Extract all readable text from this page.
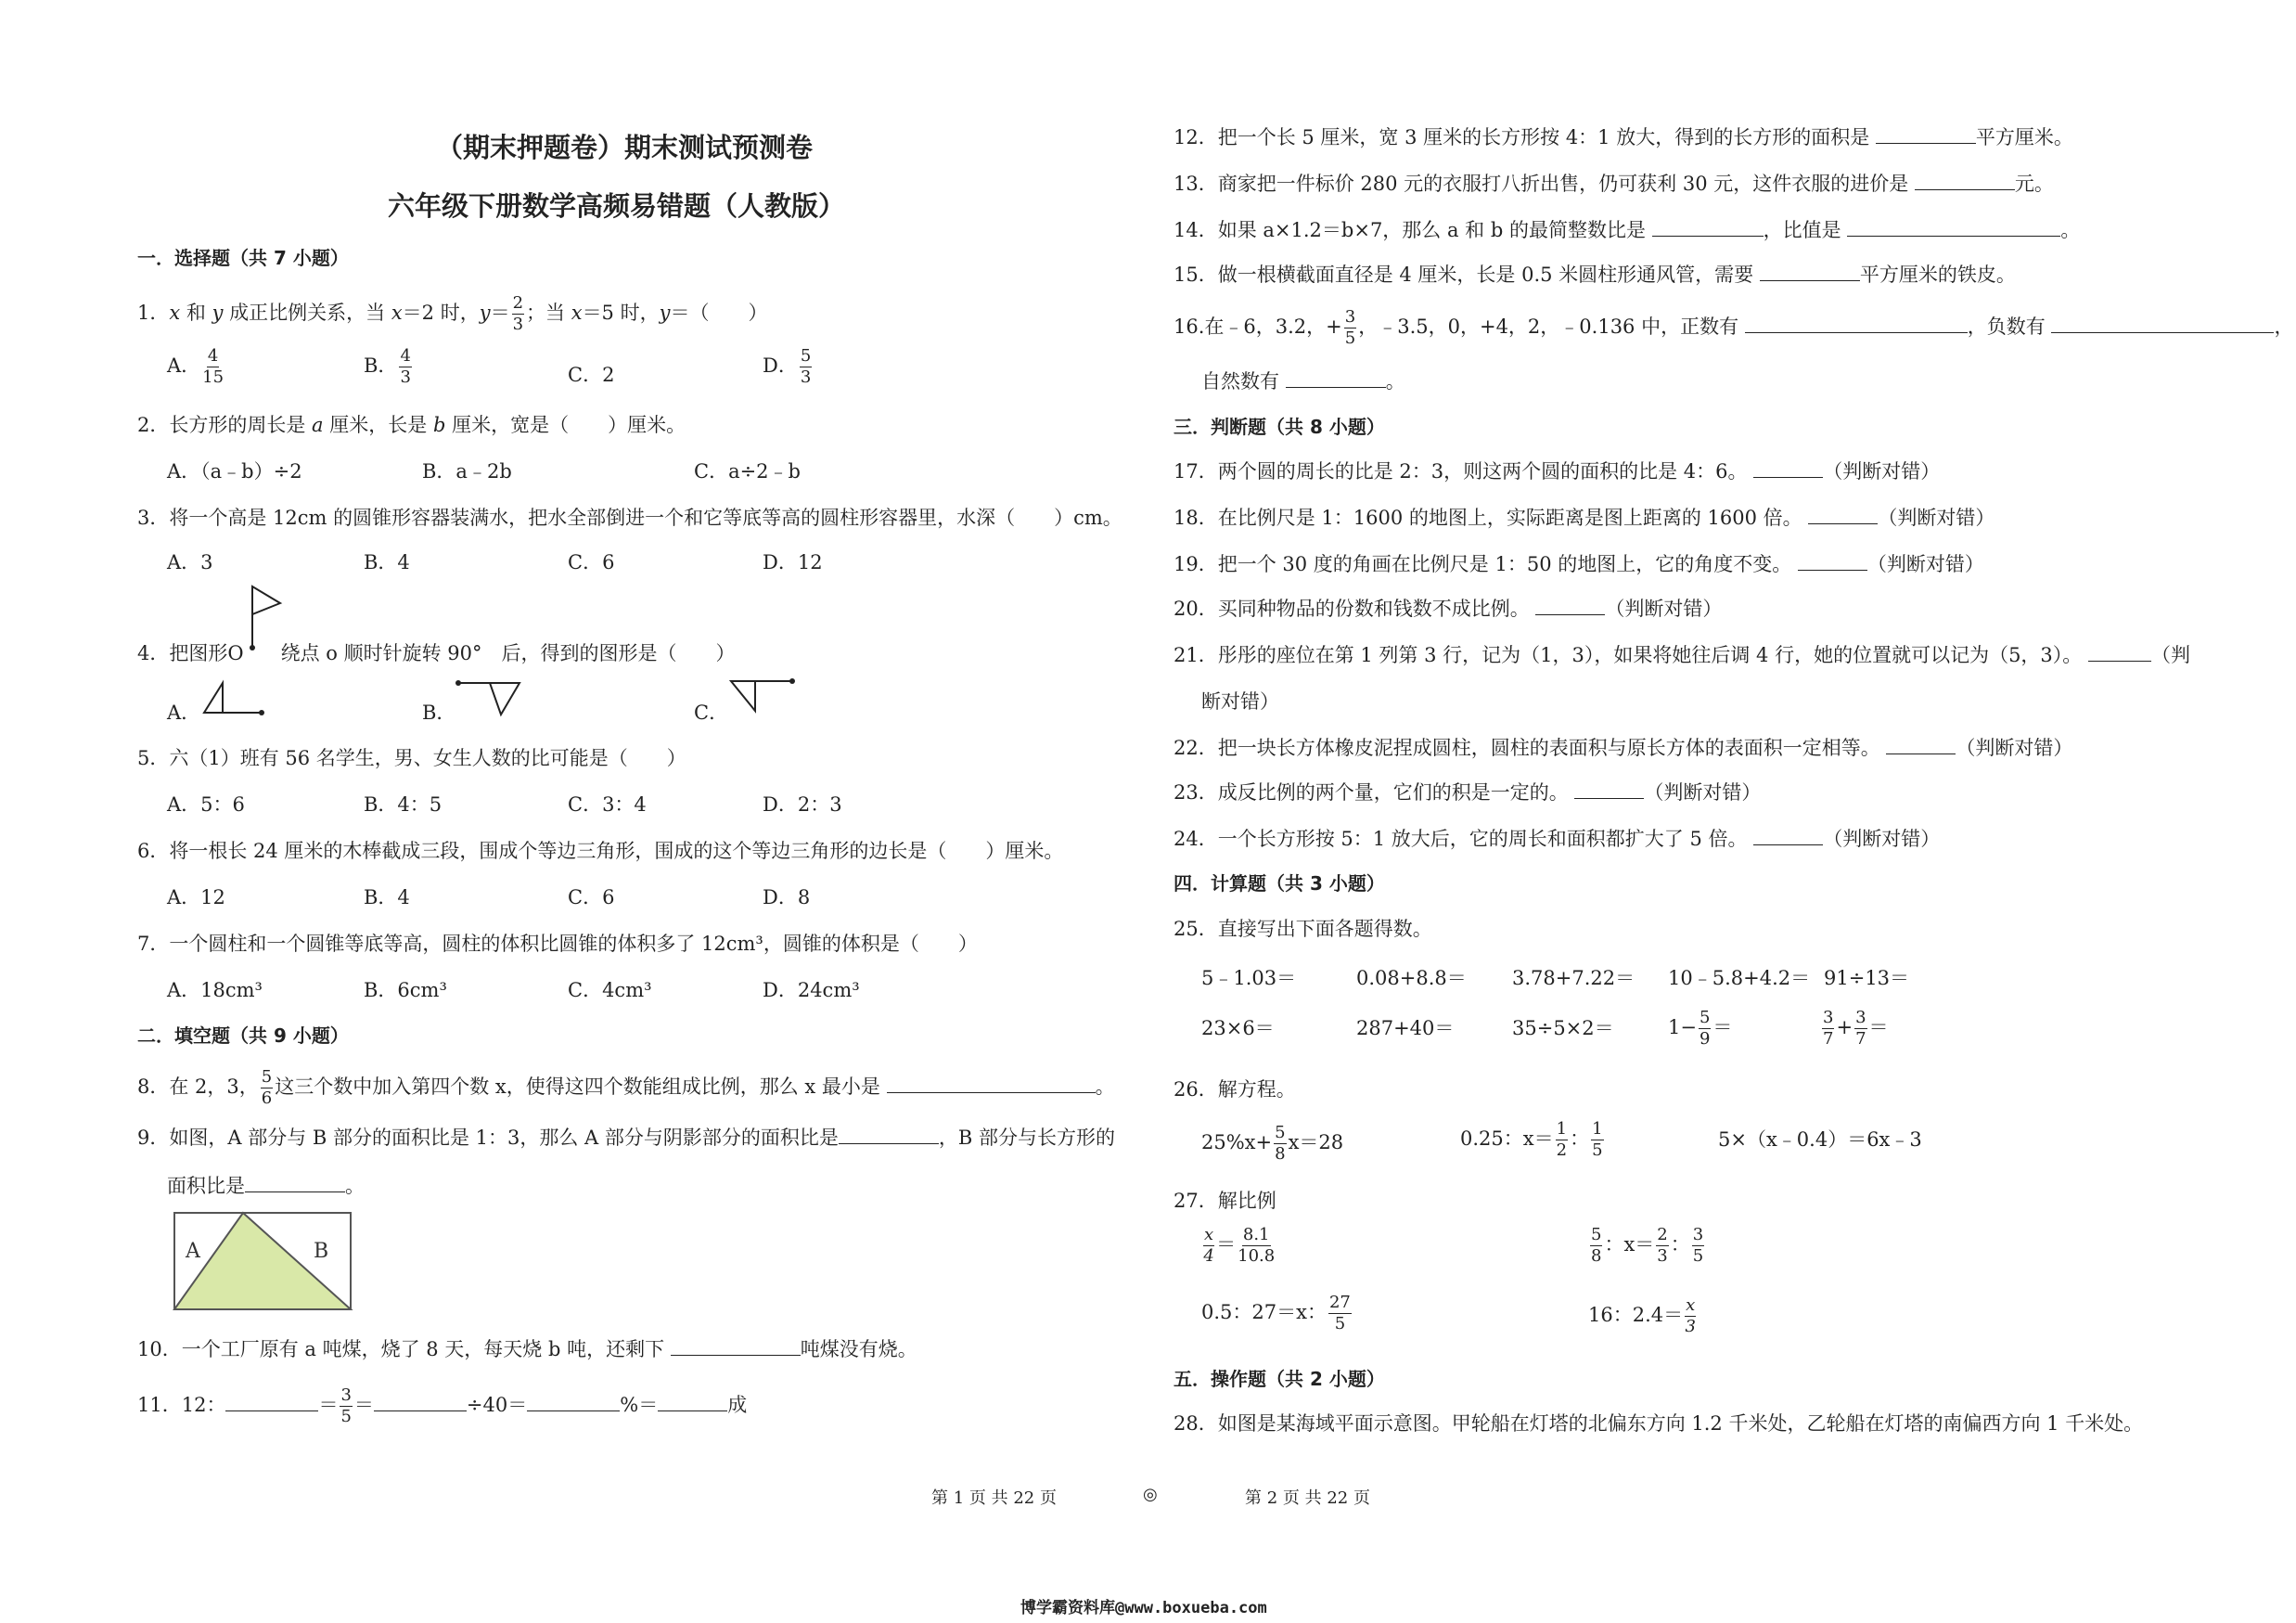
（期末押题卷）期末测试预测卷
六年级下册数学高频易错题（人教版）
一．选择题（共 7 小题）
1．x 和 y 成正比例关系，当 x＝2 时，$y= \frac{2}{3}$ ；当 x＝5 时，y＝（　　）
A． $\frac{4}{15}$	B． $\frac{4}{3}$	C．2	D． $\frac{5}{3}$
2．长方形的周长是 a 厘米，长是 b 厘米，宽是（　　）厘米。
A．（a﹣b）÷2	B．a﹣2b	C．a÷2﹣b
3．将一个高是 12cm 的圆锥形容器装满水，把水全部倒进一个和它等底等高的圆柱形容器里，水深（　　）cm。
A．3	B．4	C．6	D．12
4．把图形O 绕点 o 顺时针旋转 90°　后，得到的图形是（　　）
A．	B．	C．
5．六（1）班有 56 名学生，男、女生人数的比可能是（　　）
A．5：6	B．4：5	C．3：4	D．2：3
6．将一根长 24 厘米的木棒截成三段，围成个等边三角形，围成的这个等边三角形的边长是（　　）厘米。
A．12	B．4	C．6	D．8
7．一个圆柱和一个圆锥等底等高，圆柱的体积比圆锥的体积多了 12cm³，圆锥的体积是（　　）
A．18cm³	B．6cm³	C．4cm³	D．24cm³
二．填空题（共 9 小题）
8．在 2，3， $\frac{5}{6}$ 这三个数中加入第四个数 x，使得这四个数能组成比例，那么 x 最小是	。
9．如图，A 部分与 B 部分的面积比是 1：3，那么 A 部分与阴影部分的面积比是	，B 部分与长方形的
面积比是	。
A	B
10．一个工厂原有 a 吨煤，烧了 8 天，每天烧 b 吨，还剩下	吨煤没有烧。
11．12：	＝ $\frac{3}{5}$ ＝	÷40＝	%＝	成
12．把一个长 5 厘米，宽 3 厘米的长方形按 4：1 放大，得到的长方形的面积是	平方厘米。
13．商家把一件标价 280 元的衣服打八折出售，仍可获利 30 元，这件衣服的进价是	元。
14．如果 a×1.2＝b×7，那么 a 和 b 的最简整数比是	，比值是	。
15．做一根横截面直径是 4 厘米，长是 0.5 米圆柱形通风管，需要	平方厘米的铁皮。
16.在﹣6，3.2，+ $\frac{3}{5}$ ，﹣3.5，0，+4，2，﹣0.136 中，正数有	，负数有	，
自然数有	。
三．判断题（共 8 小题）
17．两个圆的周长的比是 2：3，则这两个圆的面积的比是 4：6。	（判断对错）
18．在比例尺是 1：1600 的地图上，实际距离是图上距离的 1600 倍。	（判断对错）
19．把一个 30 度的角画在比例尺是 1：50 的地图上，它的角度不变。	（判断对错）
20．买同种物品的份数和钱数不成比例。	（判断对错）
21．彤彤的座位在第 1 列第 3 行，记为（1，3），如果将她往后调 4 行，她的位置就可以记为（5，3）。	（判
断对错）
22．把一块长方体橡皮泥捏成圆柱，圆柱的表面积与原长方体的表面积一定相等。	（判断对错）
23．成反比例的两个量，它们的积是一定的。	（判断对错）
24．一个长方形按 5：1 放大后，它的周长和面积都扩大了 5 倍。	（判断对错）
四．计算题（共 3 小题）
25．直接写出下面各题得数。
5﹣1.03＝	0.08+8.8＝ 3.78+7.22＝ 10﹣5.8+4.2＝ 91÷13＝
23×6＝	287+40＝	35÷5×2＝	$1- \frac{5}{9}$ ＝	$\frac{3}{7} + \frac{3}{7}$ ＝
26．解方程。
$25\%x+ \frac{5}{8} x=28$	0.25：$x= \frac{1}{2}$ ： $\frac{1}{5}$	5×（x﹣0.4）＝6x﹣3
27．解比例
$\frac{x}{4} = \frac{8.1}{10.8}$	$\frac{5}{8}$ ：$x= \frac{2}{3}$ ： $\frac{3}{5}$
0.5：27＝x： $\frac{27}{5}$	16：$2.4= \frac{x}{3}$
五．操作题（共 2 小题）
28．如图是某海域平面示意图。甲轮船在灯塔的北偏东方向 1.2 千米处，乙轮船在灯塔的南偏西方向 1 千米处。
第 1 页 共 22 页	◎	第 2 页 共 22 页
博学霸资料库@www.boxueba.com
